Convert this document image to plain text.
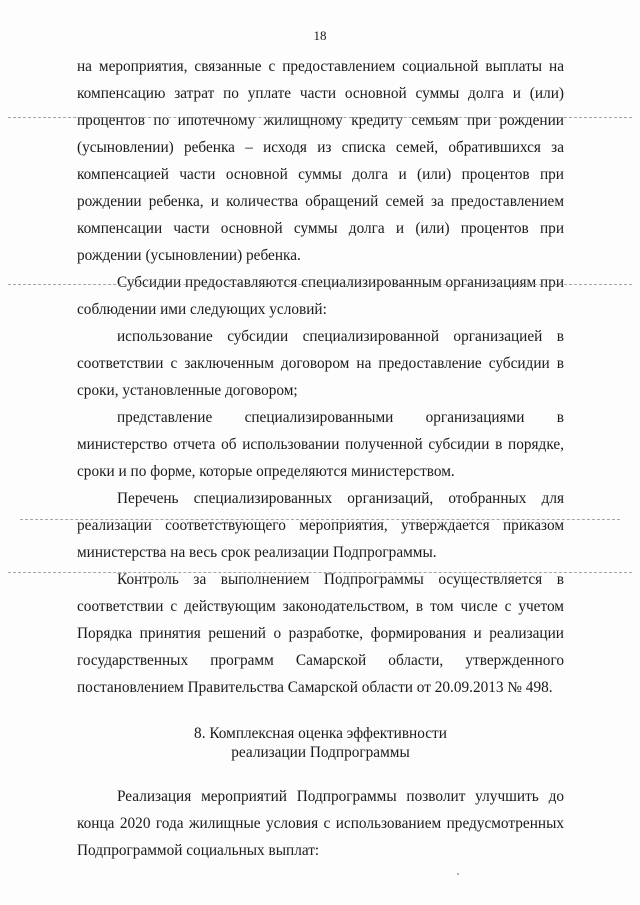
18

на мероприятия, связанные с предоставлением социальной выплаты на компенсацию затрат по уплате части основной суммы долга и (или) процентов по ипотечному жилищному кредиту семьям при рождении (усыновлении) ребенка – исходя из списка семей, обратившихся за компенсацией части основной суммы долга и (или) процентов при рождении ребенка, и количества обращений семей за предоставлением компенсации части основной суммы долга и (или) процентов при рождении (усыновлении) ребенка.

Субсидии предоставляются специализированным организациям при соблюдении ими следующих условий:

использование субсидии специализированной организацией в соответствии с заключенным договором на предоставление субсидии в сроки, установленные договором;

представление специализированными организациями в министерство отчета об использовании полученной субсидии в порядке, сроки и по форме, которые определяются министерством.

Перечень специализированных организаций, отобранных для реализации соответствующего мероприятия, утверждается приказом министерства на весь срок реализации Подпрограммы.

Контроль за выполнением Подпрограммы осуществляется в соответствии с действующим законодательством, в том числе с учетом Порядка принятия решений о разработке, формирования и реализации государственных программ Самарской области, утвержденного постановлением Правительства Самарской области от 20.09.2013 № 498.

8. Комплексная оценка эффективности
реализации Подпрограммы

Реализация мероприятий Подпрограммы позволит улучшить до конца 2020 года жилищные условия с использованием предусмотренных Подпрограммой социальных выплат:
